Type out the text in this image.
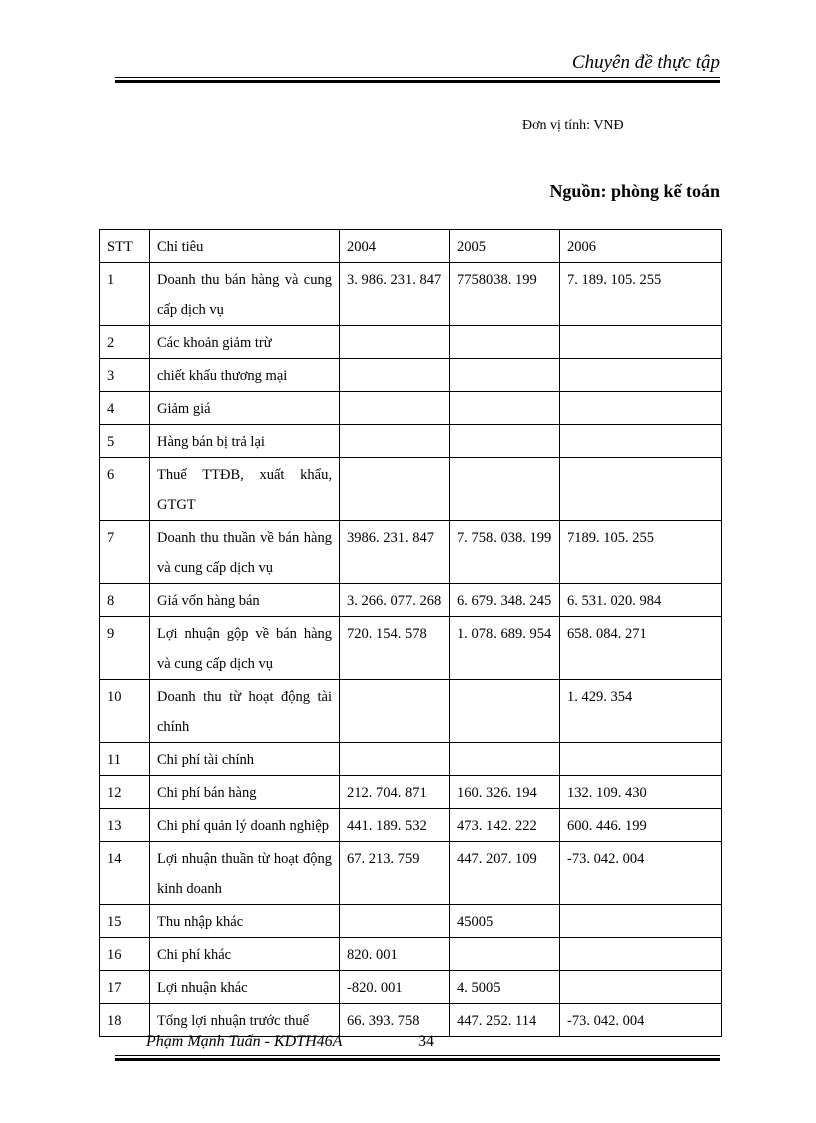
Chuyên đề thực tập
Đơn vị tính: VNĐ
Nguồn: phòng kế toán
STT	Chỉ tiêu	2004	2005	2006
1	Doanh thu bán hàng và cung cấp dịch vụ	3. 986. 231. 847	7758038. 199	7. 189. 105. 255
2	Các khoản giảm trừ			
3	chiết khấu thương mại			
4	Giảm giá			
5	Hàng bán bị trả lại			
6	Thuế TTĐB, xuất khẩu, GTGT			
7	Doanh thu thuần về bán hàng và cung cấp dịch vụ	3986. 231. 847	7. 758. 038. 199	7189. 105. 255
8	Giá vốn hàng bán	3. 266. 077. 268	6. 679. 348. 245	6. 531. 020. 984
9	Lợi nhuận gộp về bán hàng và cung cấp dịch vụ	720. 154. 578	1. 078. 689. 954	658. 084. 271
10	Doanh thu từ hoạt động tài chính			1. 429. 354
11	Chi phí tài chính			
12	Chi phí bán hàng	212. 704. 871	160. 326. 194	132. 109. 430
13	Chi phí quản lý doanh nghiệp	441. 189. 532	473. 142. 222	600. 446. 199
14	Lợi nhuận thuần từ hoạt động kinh doanh	67. 213. 759	447. 207. 109	-73. 042. 004
15	Thu nhập khác		45005	
16	Chi phí khác	820. 001		
17	Lợi nhuận khác	-820. 001	4. 5005	
18	Tổng lợi nhuận trước thuế	66. 393. 758	447. 252. 114	-73. 042. 004
Phạm Mạnh Tuấn - KDTH46A	34
